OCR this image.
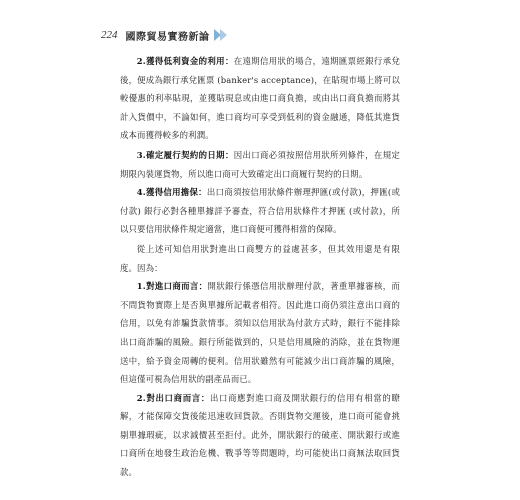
224 國際貿易實務新論

2.獲得低利資金的利用：在遠期信用狀的場合，遠期匯票經銀行承兌後，便成為銀行承兌匯票 (banker's acceptance)，在貼現市場上將可以較優惠的利率貼現，並獲貼現息或由進口商負擔，或由出口商負擔而將其計入貨價中，不論如何，進口商均可享受到低利的資金融通，降低其進貨成本而獲得較多的利潤。

3.確定履行契約的日期：因出口商必須按照信用狀所列條件，在規定期限內裝運貨物，所以進口商可大致確定出口商履行契約的日期。

4.獲得信用擔保：出口商須按信用狀條件辦理押匯(或付款)，押匯(或付款) 銀行必對各種單據詳予審查，符合信用狀條件才押匯 (或付款)，所以只要信用狀條件規定適當，進口商便可獲得相當的保障。

從上述可知信用狀對進出口商雙方的益處甚多，但其效用還是有限度。因為：

1.對進口商而言：開狀銀行係憑信用狀辦理付款，著重單據審核，而不問貨物實際上是否與單據所記載者相符。因此進口商仍須注意出口商的信用，以免有詐騙貨款情事。須知以信用狀為付款方式時，銀行不能排除出口商詐騙的風險。銀行所能做到的，只是信用風險的消除，並在貨物運送中，給予資金周轉的便利。信用狀雖然有可能減少出口商詐騙的風險，但這僅可視為信用狀的副產品而已。

2.對出口商而言：出口商應對進口商及開狀銀行的信用有相當的瞭解，才能保障交貨後能迅速收回貨款。否則貨物交運後，進口商可能會挑剔單據瑕疵，以求減價甚至拒付。此外，開狀銀行的破產、開狀銀行或進口商所在地發生政治危機、戰爭等等問題時，均可能使出口商無法取回貨款。
